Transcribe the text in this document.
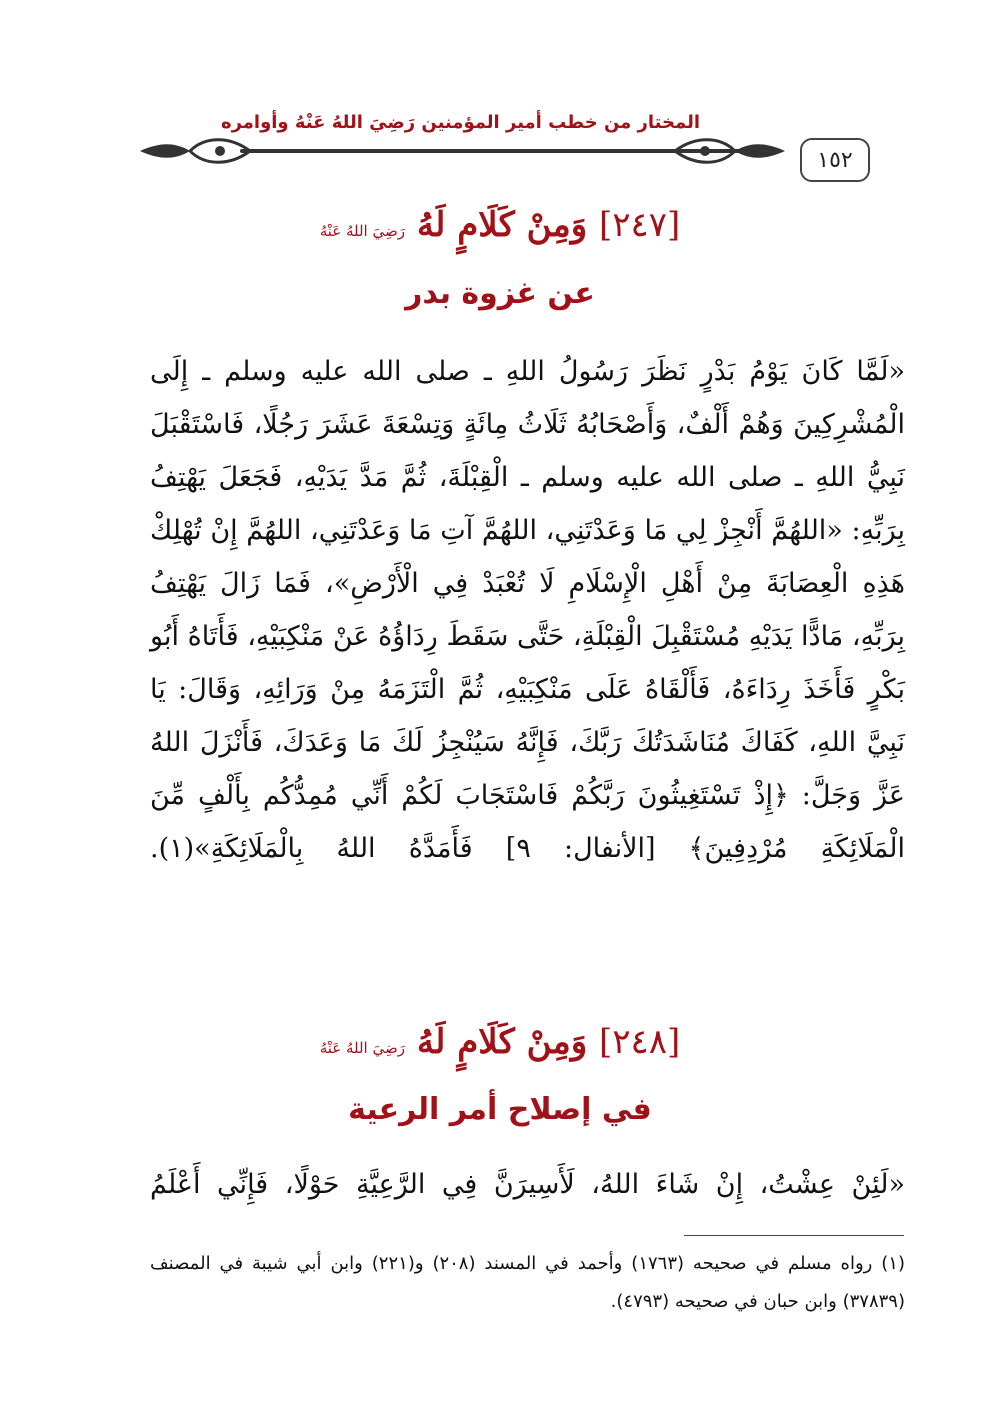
١٥٢
المختار من خطب أمير المؤمنين رَضِيَ اللهُ عَنْهُ وأوامره
[٢٤٧] وَمِنْ كَلَامٍ لَهُ رَضِيَ اللهُ عَنْهُ
عن غزوة بدر
«لَمَّا كَانَ يَوْمُ بَدْرٍ نَظَرَ رَسُولُ اللهِ ـ صلى الله عليه وسلم ـ إِلَى الْمُشْرِكِينَ وَهُمْ أَلْفٌ، وَأَصْحَابُهُ ثَلَاثُ مِائَةٍ وَتِسْعَةَ عَشَرَ رَجُلًا، فَاسْتَقْبَلَ نَبِيُّ اللهِ ـ صلى الله عليه وسلم ـ الْقِبْلَةَ، ثُمَّ مَدَّ يَدَيْهِ، فَجَعَلَ يَهْتِفُ بِرَبِّهِ: «اللهُمَّ أَنْجِزْ لِي مَا وَعَدْتَنِي، اللهُمَّ آتِ مَا وَعَدْتَنِي، اللهُمَّ إِنْ تُهْلِكْ هَذِهِ الْعِصَابَةَ مِنْ أَهْلِ الْإِسْلَامِ لَا تُعْبَدْ فِي الْأَرْضِ»، فَمَا زَالَ يَهْتِفُ بِرَبِّهِ، مَادًّا يَدَيْهِ مُسْتَقْبِلَ الْقِبْلَةِ، حَتَّى سَقَطَ رِدَاؤُهُ عَنْ مَنْكِبَيْهِ، فَأَتَاهُ أَبُو بَكْرٍ فَأَخَذَ رِدَاءَهُ، فَأَلْقَاهُ عَلَى مَنْكِبَيْهِ، ثُمَّ الْتَزَمَهُ مِنْ وَرَائِهِ، وَقَالَ: يَا نَبِيَّ اللهِ، كَفَاكَ مُنَاشَدَتُكَ رَبَّكَ، فَإِنَّهُ سَيُنْجِزُ لَكَ مَا وَعَدَكَ، فَأَنْزَلَ اللهُ عَزَّ وَجَلَّ: ﴿إِذْ تَسْتَغِيثُونَ رَبَّكُمْ فَاسْتَجَابَ لَكُمْ أَنِّي مُمِدُّكُم بِأَلْفٍ مِّنَ الْمَلَائِكَةِ مُرْدِفِينَ﴾ [الأنفال: ٩] فَأَمَدَّهُ اللهُ بِالْمَلَائِكَةِ»(١).
[٢٤٨] وَمِنْ كَلَامٍ لَهُ رَضِيَ اللهُ عَنْهُ
في إصلاح أمر الرعية
«لَئِنْ عِشْتُ، إِنْ شَاءَ اللهُ، لَأَسِيرَنَّ فِي الرَّعِيَّةِ حَوْلًا، فَإِنِّي أَعْلَمُ
(١) رواه مسلم في صحيحه (١٧٦٣) وأحمد في المسند (٢٠٨) و(٢٢١) وابن أبي شيبة في المصنف (٣٧٨٣٩) وابن حبان في صحيحه (٤٧٩٣).
